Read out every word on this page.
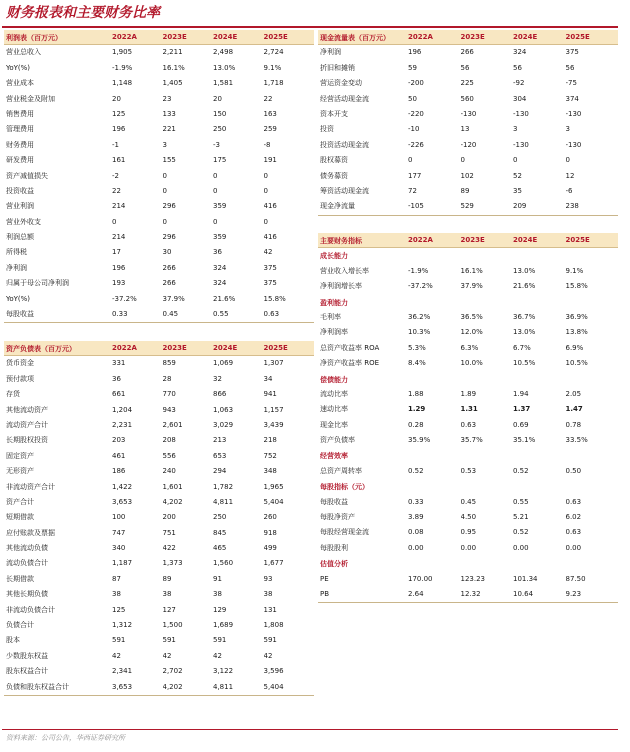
财务报表和主要财务比率
利润表（百万元）	2022A	2023E	2024E	2025E
营业总收入	1,905	2,211	2,498	2,724
YoY(%)	-1.9%	16.1%	13.0%	9.1%
营业成本	1,148	1,405	1,581	1,718
营业税金及附加	20	23	20	22
销售费用	125	133	150	163
管理费用	196	221	250	259
财务费用	-1	3	-3	-8
研发费用	161	155	175	191
资产减值损失	-2	0	0	0
投资收益	22	0	0	0
营业利润	214	296	359	416
营业外收支	0	0	0	0
利润总额	214	296	359	416
所得税	17	30	36	42
净利润	196	266	324	375
归属于母公司净利润	193	266	324	375
YoY(%)	-37.2%	37.9%	21.6%	15.8%
每股收益	0.33	0.45	0.55	0.63
资产负债表（百万元）	2022A	2023E	2024E	2025E
货币资金	331	859	1,069	1,307
预付款项	36	28	32	34
存货	661	770	866	941
其他流动资产	1,204	943	1,063	1,157
流动资产合计	2,231	2,601	3,029	3,439
长期股权投资	203	208	213	218
固定资产	461	556	653	752
无形资产	186	240	294	348
非流动资产合计	1,422	1,601	1,782	1,965
资产合计	3,653	4,202	4,811	5,404
短期借款	100	200	250	260
应付账款及票据	747	751	845	918
其他流动负债	340	422	465	499
流动负债合计	1,187	1,373	1,560	1,677
长期借款	87	89	91	93
其他长期负债	38	38	38	38
非流动负债合计	125	127	129	131
负债合计	1,312	1,500	1,689	1,808
股本	591	591	591	591
少数股东权益	42	42	42	42
股东权益合计	2,341	2,702	3,122	3,596
负债和股东权益合计	3,653	4,202	4,811	5,404
现金流量表（百万元）	2022A	2023E	2024E	2025E
净利润	196	266	324	375
折旧和摊销	59	56	56	56
营运资金变动	-200	225	-92	-75
经营活动现金流	50	560	304	374
资本开支	-220	-130	-130	-130
投资	-10	13	3	3
投资活动现金流	-226	-120	-130	-130
股权募资	0	0	0	0
债务募资	177	102	52	12
筹资活动现金流	72	89	35	-6
现金净流量	-105	529	209	238
主要财务指标	2022A	2023E	2024E	2025E
成长能力
营业收入增长率	-1.9%	16.1%	13.0%	9.1%
净利润增长率	-37.2%	37.9%	21.6%	15.8%
盈利能力
毛利率	36.2%	36.5%	36.7%	36.9%
净利润率	10.3%	12.0%	13.0%	13.8%
总资产收益率 ROA	5.3%	6.3%	6.7%	6.9%
净资产收益率 ROE	8.4%	10.0%	10.5%	10.5%
偿债能力
流动比率	1.88	1.89	1.94	2.05
速动比率	1.29	1.31	1.37	1.47
现金比率	0.28	0.63	0.69	0.78
资产负债率	35.9%	35.7%	35.1%	33.5%
经营效率
总资产周转率	0.52	0.53	0.52	0.50
每股指标（元）
每股收益	0.33	0.45	0.55	0.63
每股净资产	3.89	4.50	5.21	6.02
每股经营现金流	0.08	0.95	0.52	0.63
每股股利	0.00	0.00	0.00	0.00
估值分析
PE	170.00	123.23	101.34	87.50
PB	2.64	12.32	10.64	9.23
资料来源：公司公告，华西证券研究所
